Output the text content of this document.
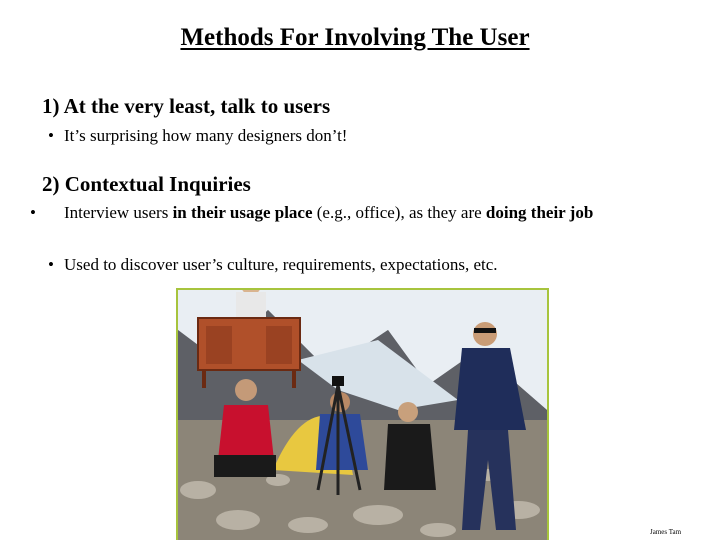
Methods For Involving The User
1) At the very least, talk to users
• It’s surprising how many designers don’t!
2) Contextual Inquiries
• Interview users in their usage place (e.g., office), as they are doing their job
• Used to discover user’s culture, requirements, expectations, etc.
James Tam
